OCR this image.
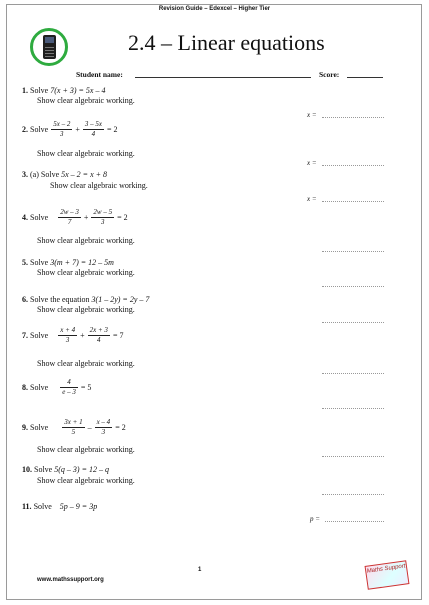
Revision Guide – Edexcel – Higher Tier
2.4 – Linear equations
Student name:	Score:
1. Solve 7(x + 3) = 5x – 4
Show clear algebraic working.
x =
2. Solve $\frac{5x - 2}{3} + \frac{3 - 5x}{4} = 2$
Show clear algebraic working.
x =
3. (a) Solve 5x – 2 = x + 8
Show clear algebraic working.
x =
4. Solve $\frac{2w - 3}{7} + \frac{2w - 5}{3} = 2$
Show clear algebraic working.
5. Solve 3(m + 7) = 12 – 5m
Show clear algebraic working.
6. Solve the equation 3(1 – 2y) = 2y – 7
Show clear algebraic working.
7. Solve $\frac{x + 4}{3} + \frac{2x + 3}{4} = 7$
Show clear algebraic working.
8. Solve $\frac{4}{e - 3} = 5$
9. Solve $\frac{3x + 1}{5} - \frac{x - 4}{3} = 2$
Show clear algebraic working.
10. Solve 5(q – 3) = 12 – q
Show clear algebraic working.
11. Solve 5p – 9 = 3p
p =
1
www.mathssupport.org
Maths Support
